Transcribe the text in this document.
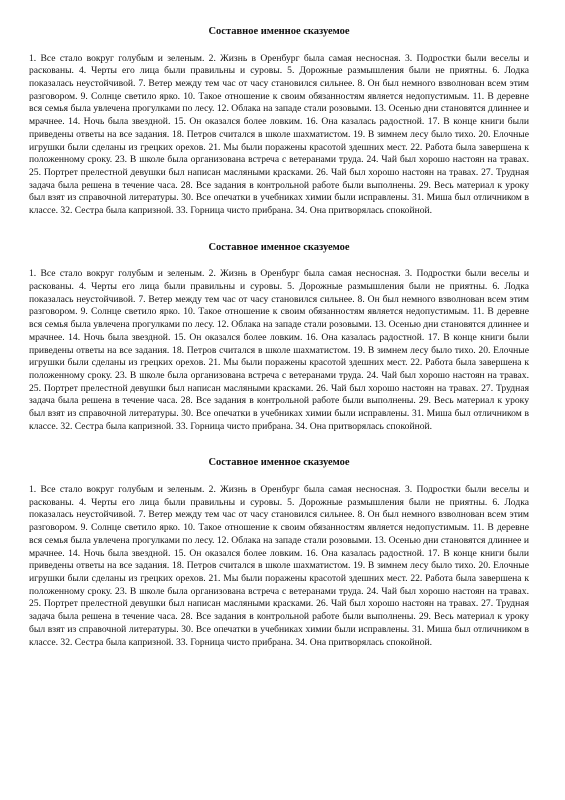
Составное именное сказуемое

1. Все стало вокруг голубым и зеленым. 2. Жизнь в Оренбург была самая несносная. 3. Подростки были веселы и раскованы. 4. Черты его лица были правильны и суровы. 5. Дорожные размышления были не приятны. 6. Лодка показалась неустойчивой. 7. Ветер между тем час от часу становился сильнее. 8. Он был немного взволнован всем этим разговором. 9. Солнце светило ярко. 10. Такое отношение к своим обязанностям является недопустимым. 11. В деревне вся семья была увлечена прогулками по лесу. 12. Облака на западе стали розовыми. 13. Осенью дни становятся длиннее и мрачнее. 14. Ночь была звездной. 15. Он оказался более ловким. 16. Она казалась радостной. 17. В конце книги были приведены ответы на все задания. 18. Петров считался в школе шахматистом. 19. В зимнем лесу было тихо. 20. Елочные игрушки были сделаны из грецких орехов. 21. Мы были поражены красотой здешних мест. 22. Работа была завершена к положенному сроку. 23. В школе была организована встреча с ветеранами труда. 24. Чай был хорошо настоян на травах. 25. Портрет прелестной девушки был написан масляными красками. 26. Чай был хорошо настоян на травах. 27. Трудная задача была решена в течение часа. 28. Все задания в контрольной работе были выполнены. 29. Весь материал к уроку был взят из справочной литературы. 30. Все опечатки в учебниках химии были исправлены. 31. Миша был отличником в классе. 32. Сестра была капризной. 33. Горница чисто прибрана. 34. Она притворялась спокойной.

Составное именное сказуемое

1. Все стало вокруг голубым и зеленым. 2. Жизнь в Оренбург была самая несносная. 3. Подростки были веселы и раскованы. 4. Черты его лица были правильны и суровы. 5. Дорожные размышления были не приятны. 6. Лодка показалась неустойчивой. 7. Ветер между тем час от часу становился сильнее. 8. Он был немного взволнован всем этим разговором. 9. Солнце светило ярко. 10. Такое отношение к своим обязанностям является недопустимым. 11. В деревне вся семья была увлечена прогулками по лесу. 12. Облака на западе стали розовыми. 13. Осенью дни становятся длиннее и мрачнее. 14. Ночь была звездной. 15. Он оказался более ловким. 16. Она казалась радостной. 17. В конце книги были приведены ответы на все задания. 18. Петров считался в школе шахматистом. 19. В зимнем лесу было тихо. 20. Елочные игрушки были сделаны из грецких орехов. 21. Мы были поражены красотой здешних мест. 22. Работа была завершена к положенному сроку. 23. В школе была организована встреча с ветеранами труда. 24. Чай был хорошо настоян на травах. 25. Портрет прелестной девушки был написан масляными красками. 26. Чай был хорошо настоян на травах. 27. Трудная задача была решена в течение часа. 28. Все задания в контрольной работе были выполнены. 29. Весь материал к уроку был взят из справочной литературы. 30. Все опечатки в учебниках химии были исправлены. 31. Миша был отличником в классе. 32. Сестра была капризной. 33. Горница чисто прибрана. 34. Она притворялась спокойной.

Составное именное сказуемое

1. Все стало вокруг голубым и зеленым. 2. Жизнь в Оренбург была самая несносная. 3. Подростки были веселы и раскованы. 4. Черты его лица были правильны и суровы. 5. Дорожные размышления были не приятны. 6. Лодка показалась неустойчивой. 7. Ветер между тем час от часу становился сильнее. 8. Он был немного взволнован всем этим разговором. 9. Солнце светило ярко. 10. Такое отношение к своим обязанностям является недопустимым. 11. В деревне вся семья была увлечена прогулками по лесу. 12. Облака на западе стали розовыми. 13. Осенью дни становятся длиннее и мрачнее. 14. Ночь была звездной. 15. Он оказался более ловким. 16. Она казалась радостной. 17. В конце книги были приведены ответы на все задания. 18. Петров считался в школе шахматистом. 19. В зимнем лесу было тихо. 20. Елочные игрушки были сделаны из грецких орехов. 21. Мы были поражены красотой здешних мест. 22. Работа была завершена к положенному сроку. 23. В школе была организована встреча с ветеранами труда. 24. Чай был хорошо настоян на травах. 25. Портрет прелестной девушки был написан масляными красками. 26. Чай был хорошо настоян на травах. 27. Трудная задача была решена в течение часа. 28. Все задания в контрольной работе были выполнены. 29. Весь материал к уроку был взят из справочной литературы. 30. Все опечатки в учебниках химии были исправлены. 31. Миша был отличником в классе. 32. Сестра была капризной. 33. Горница чисто прибрана. 34. Она притворялась спокойной.
